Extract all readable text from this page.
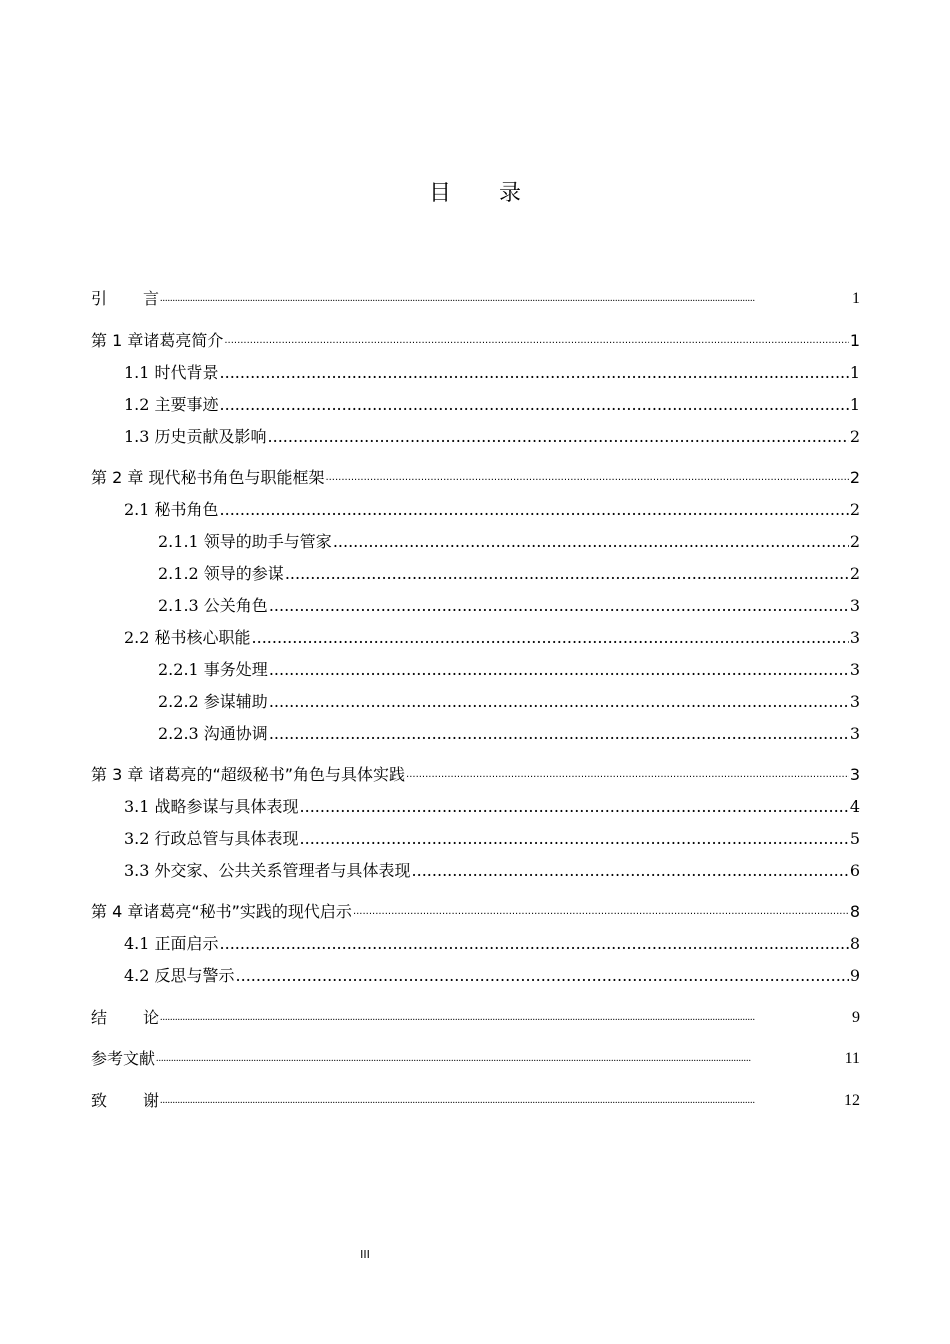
目录
引 言 .....	1
第 1 章诸葛亮简介 .....	1
1.1 时代背景 .....	1
1.2 主要事迹 .....	1
1.3 历史贡献及影响 .....	2
第 2 章 现代秘书角色与职能框架 .....	2
2.1 秘书角色 .....	2
2.1.1 领导的助手与管家 .....	2
2.1.2 领导的参谋 .....	2
2.1.3 公关角色 .....	3
2.2 秘书核心职能 .....	3
2.2.1 事务处理 .....	3
2.2.2 参谋辅助 .....	3
2.2.3 沟通协调 .....	3
第 3 章 诸葛亮的“超级秘书”角色与具体实践 .....	3
3.1 战略参谋与具体表现 .....	4
3.2 行政总管与具体表现 .....	5
3.3 外交家、公共关系管理者与具体表现 .....	6
第 4 章诸葛亮“秘书”实践的现代启示 .....	8
4.1 正面启示 .....	8
4.2 反思与警示 .....	9
结 论 .....	9
参考文献 .....	11
致 谢 .....	12
III
